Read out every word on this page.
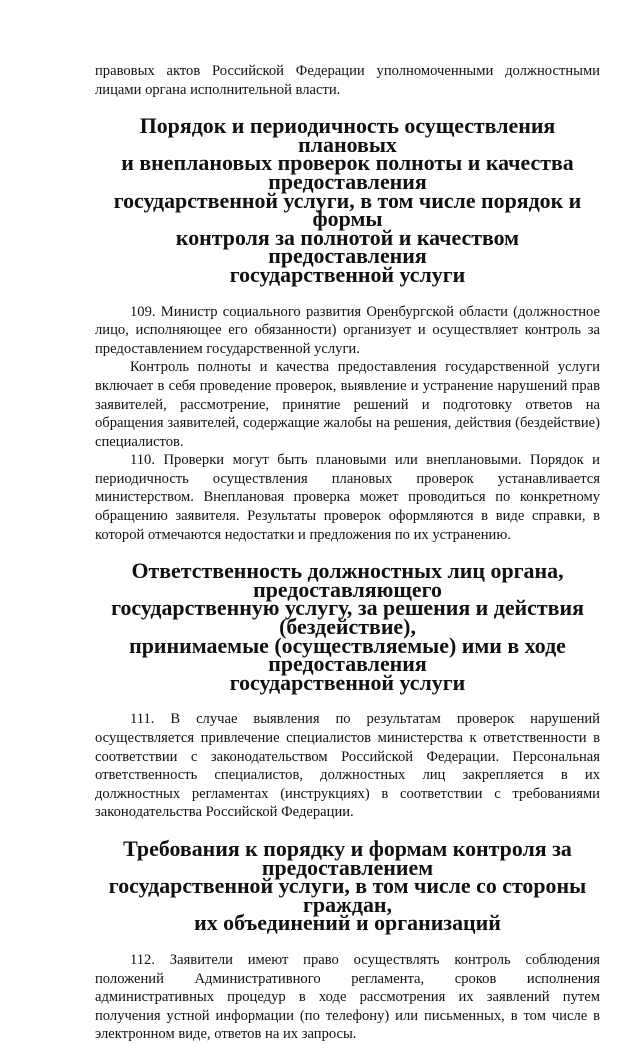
правовых актов Российской Федерации уполномоченными должностными лицами органа исполнительной власти.

Порядок и периодичность осуществления плановых
и внеплановых проверок полноты и качества предоставления
государственной услуги, в том числе порядок и формы
контроля за полнотой и качеством предоставления
государственной услуги

109. Министр социального развития Оренбургской области (должностное лицо, исполняющее его обязанности) организует и осуществляет контроль за предоставлением государственной услуги.

Контроль полноты и качества предоставления государственной услуги включает в себя проведение проверок, выявление и устранение нарушений прав заявителей, рассмотрение, принятие решений и подготовку ответов на обращения заявителей, содержащие жалобы на решения, действия (бездействие) специалистов.

110. Проверки могут быть плановыми или внеплановыми. Порядок и периодичность осуществления плановых проверок устанавливается министерством. Внеплановая проверка может проводиться по конкретному обращению заявителя. Результаты проверок оформляются в виде справки, в которой отмечаются недостатки и предложения по их устранению.

Ответственность должностных лиц органа, предоставляющего
государственную услугу, за решения и действия (бездействие),
принимаемые (осуществляемые) ими в ходе предоставления
государственной услуги

111. В случае выявления по результатам проверок нарушений осуществляется привлечение специалистов министерства к ответственности в соответствии с законодательством Российской Федерации. Персональная ответственность специалистов, должностных лиц закрепляется в их должностных регламентах (инструкциях) в соответствии с требованиями законодательства Российской Федерации.

Требования к порядку и формам контроля за предоставлением
государственной услуги, в том числе со стороны граждан,
их объединений и организаций

112. Заявители имеют право осуществлять контроль соблюдения положений Административного регламента, сроков исполнения административных процедур в ходе рассмотрения их заявлений путем получения устной информации (по телефону) или письменных, в том числе в электронном виде, ответов на их запросы.
